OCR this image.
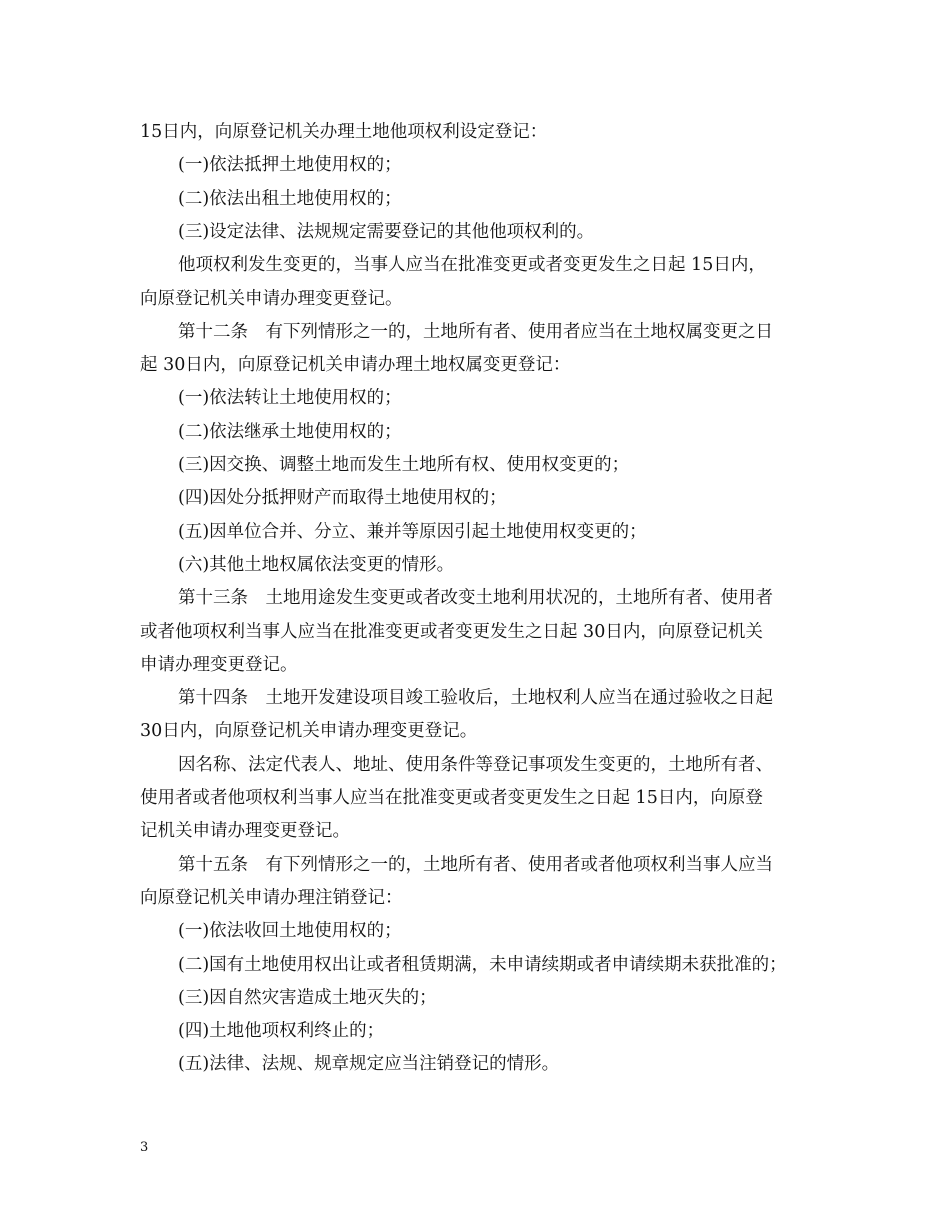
15日内，向原登记机关办理土地他项权利设定登记：
(一)依法抵押土地使用权的；
(二)依法出租土地使用权的；
(三)设定法律、法规规定需要登记的其他他项权利的。
他项权利发生变更的，当事人应当在批准变更或者变更发生之日起 15日内，
向原登记机关申请办理变更登记。
第十二条　有下列情形之一的，土地所有者、使用者应当在土地权属变更之日
起 30日内，向原登记机关申请办理土地权属变更登记：
(一)依法转让土地使用权的；
(二)依法继承土地使用权的；
(三)因交换、调整土地而发生土地所有权、使用权变更的；
(四)因处分抵押财产而取得土地使用权的；
(五)因单位合并、分立、兼并等原因引起土地使用权变更的；
(六)其他土地权属依法变更的情形。
第十三条　土地用途发生变更或者改变土地利用状况的，土地所有者、使用者
或者他项权利当事人应当在批准变更或者变更发生之日起 30日内，向原登记机关
申请办理变更登记。
第十四条　土地开发建设项目竣工验收后，土地权利人应当在通过验收之日起
30日内，向原登记机关申请办理变更登记。
因名称、法定代表人、地址、使用条件等登记事项发生变更的，土地所有者、
使用者或者他项权利当事人应当在批准变更或者变更发生之日起 15日内，向原登
记机关申请办理变更登记。
第十五条　有下列情形之一的，土地所有者、使用者或者他项权利当事人应当
向原登记机关申请办理注销登记：
(一)依法收回土地使用权的；
(二)国有土地使用权出让或者租赁期满，未申请续期或者申请续期未获批准的；
(三)因自然灾害造成土地灭失的；
(四)土地他项权利终止的；
(五)法律、法规、规章规定应当注销登记的情形。
3
